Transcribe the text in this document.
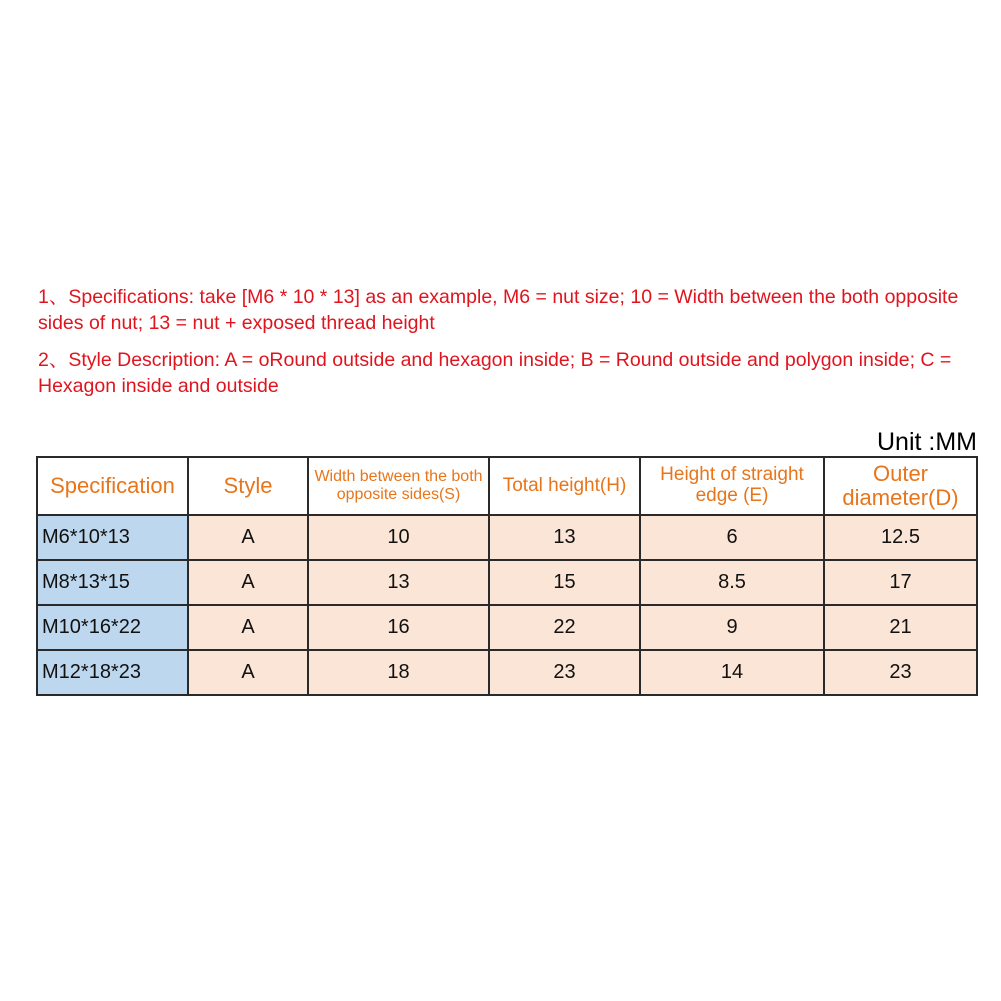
1、Specifications: take [M6 * 10 * 13] as an example, M6 = nut size; 10 = Width between the both opposite sides of nut; 13 = nut + exposed thread height
2、Style Description: A = oRound outside and hexagon inside; B = Round outside and polygon inside; C = Hexagon inside and outside
Unit :MM
Specification	Style	Width between the both opposite sides(S)	Total height(H)	Height of straight edge (E)	Outer diameter(D)
M6*10*13	A	10	13	6	12.5
M8*13*15	A	13	15	8.5	17
M10*16*22	A	16	22	9	21
M12*18*23	A	18	23	14	23
